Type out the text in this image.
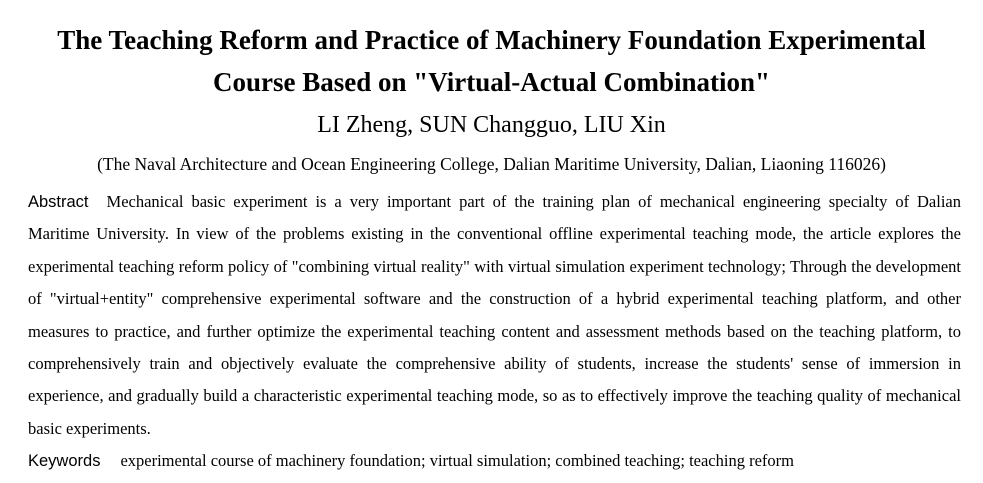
The Teaching Reform and Practice of Machinery Foundation Experimental
Course Based on "Virtual-Actual Combination"
LI Zheng, SUN Changguo, LIU Xin
(The Naval Architecture and Ocean Engineering College, Dalian Maritime University, Dalian, Liaoning 116026)
Abstract Mechanical basic experiment is a very important part of the training plan of mechanical engineering specialty of Dalian Maritime University. In view of the problems existing in the conventional offline experimental teaching mode, the article explores the experimental teaching reform policy of "combining virtual reality" with virtual simulation experiment technology; Through the development of "virtual+entity" comprehensive experimental software and the construction of a hybrid experimental teaching platform, and other measures to practice, and further optimize the experimental teaching content and assessment methods based on the teaching platform, to comprehensively train and objectively evaluate the comprehensive ability of students, increase the students' sense of immersion in experience, and gradually build a characteristic experimental teaching mode, so as to effectively improve the teaching quality of mechanical basic experiments.
Keywords experimental course of machinery foundation; virtual simulation; combined teaching; teaching reform
